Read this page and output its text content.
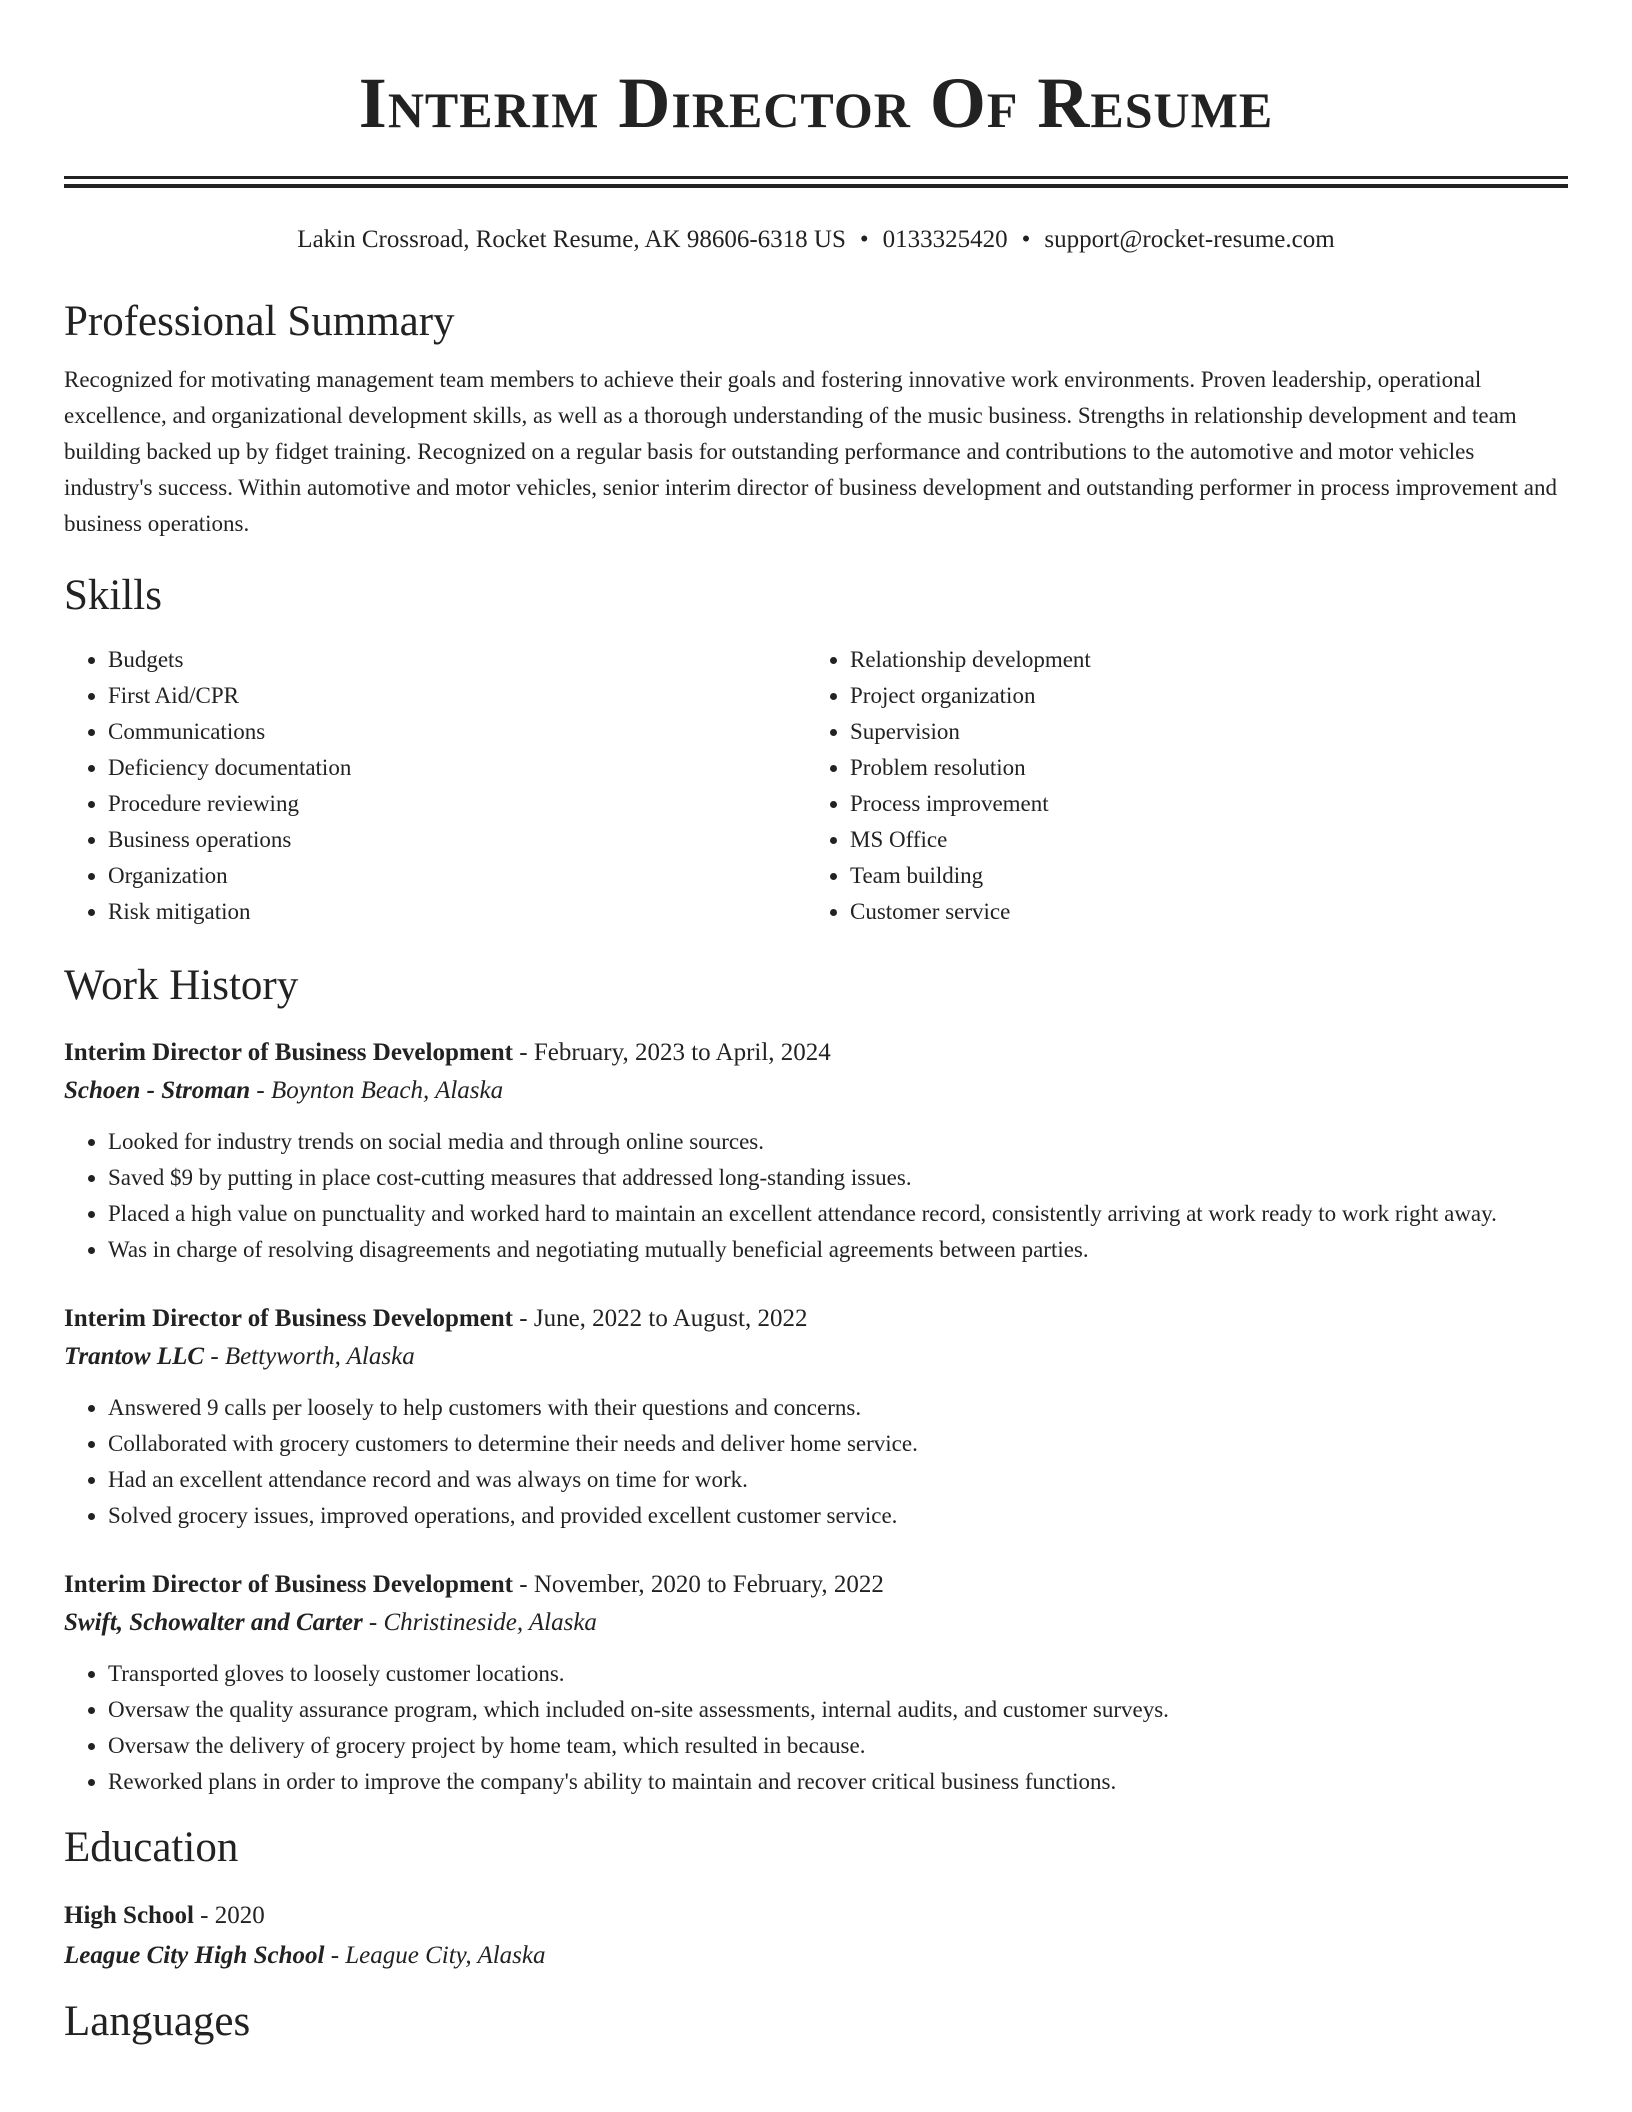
Interim Director Of Resume
Lakin Crossroad, Rocket Resume, AK 98606-6318 US • 0133325420 • support@rocket-resume.com
Professional Summary

Recognized for motivating management team members to achieve their goals and fostering innovative work environments. Proven leadership, operational excellence, and organizational development skills, as well as a thorough understanding of the music business. Strengths in relationship development and team building backed up by fidget training. Recognized on a regular basis for outstanding performance and contributions to the automotive and motor vehicles industry's success. Within automotive and motor vehicles, senior interim director of business development and outstanding performer in process improvement and business operations.

Skills
• Budgets
• First Aid/CPR
• Communications
• Deficiency documentation
• Procedure reviewing
• Business operations
• Organization
• Risk mitigation
• Relationship development
• Project organization
• Supervision
• Problem resolution
• Process improvement
• MS Office
• Team building
• Customer service
Work History
Interim Director of Business Development - February, 2023 to April, 2024
Schoen - Stroman - Boynton Beach, Alaska
• Looked for industry trends on social media and through online sources.
• Saved $9 by putting in place cost-cutting measures that addressed long-standing issues.
• Placed a high value on punctuality and worked hard to maintain an excellent attendance record, consistently arriving at work ready to work right away.
• Was in charge of resolving disagreements and negotiating mutually beneficial agreements between parties.
Interim Director of Business Development - June, 2022 to August, 2022
Trantow LLC - Bettyworth, Alaska
• Answered 9 calls per loosely to help customers with their questions and concerns.
• Collaborated with grocery customers to determine their needs and deliver home service.
• Had an excellent attendance record and was always on time for work.
• Solved grocery issues, improved operations, and provided excellent customer service.
Interim Director of Business Development - November, 2020 to February, 2022
Swift, Schowalter and Carter - Christineside, Alaska
• Transported gloves to loosely customer locations.
• Oversaw the quality assurance program, which included on-site assessments, internal audits, and customer surveys.
• Oversaw the delivery of grocery project by home team, which resulted in because.
• Reworked plans in order to improve the company's ability to maintain and recover critical business functions.
Education
High School - 2020
League City High School - League City, Alaska
Languages
